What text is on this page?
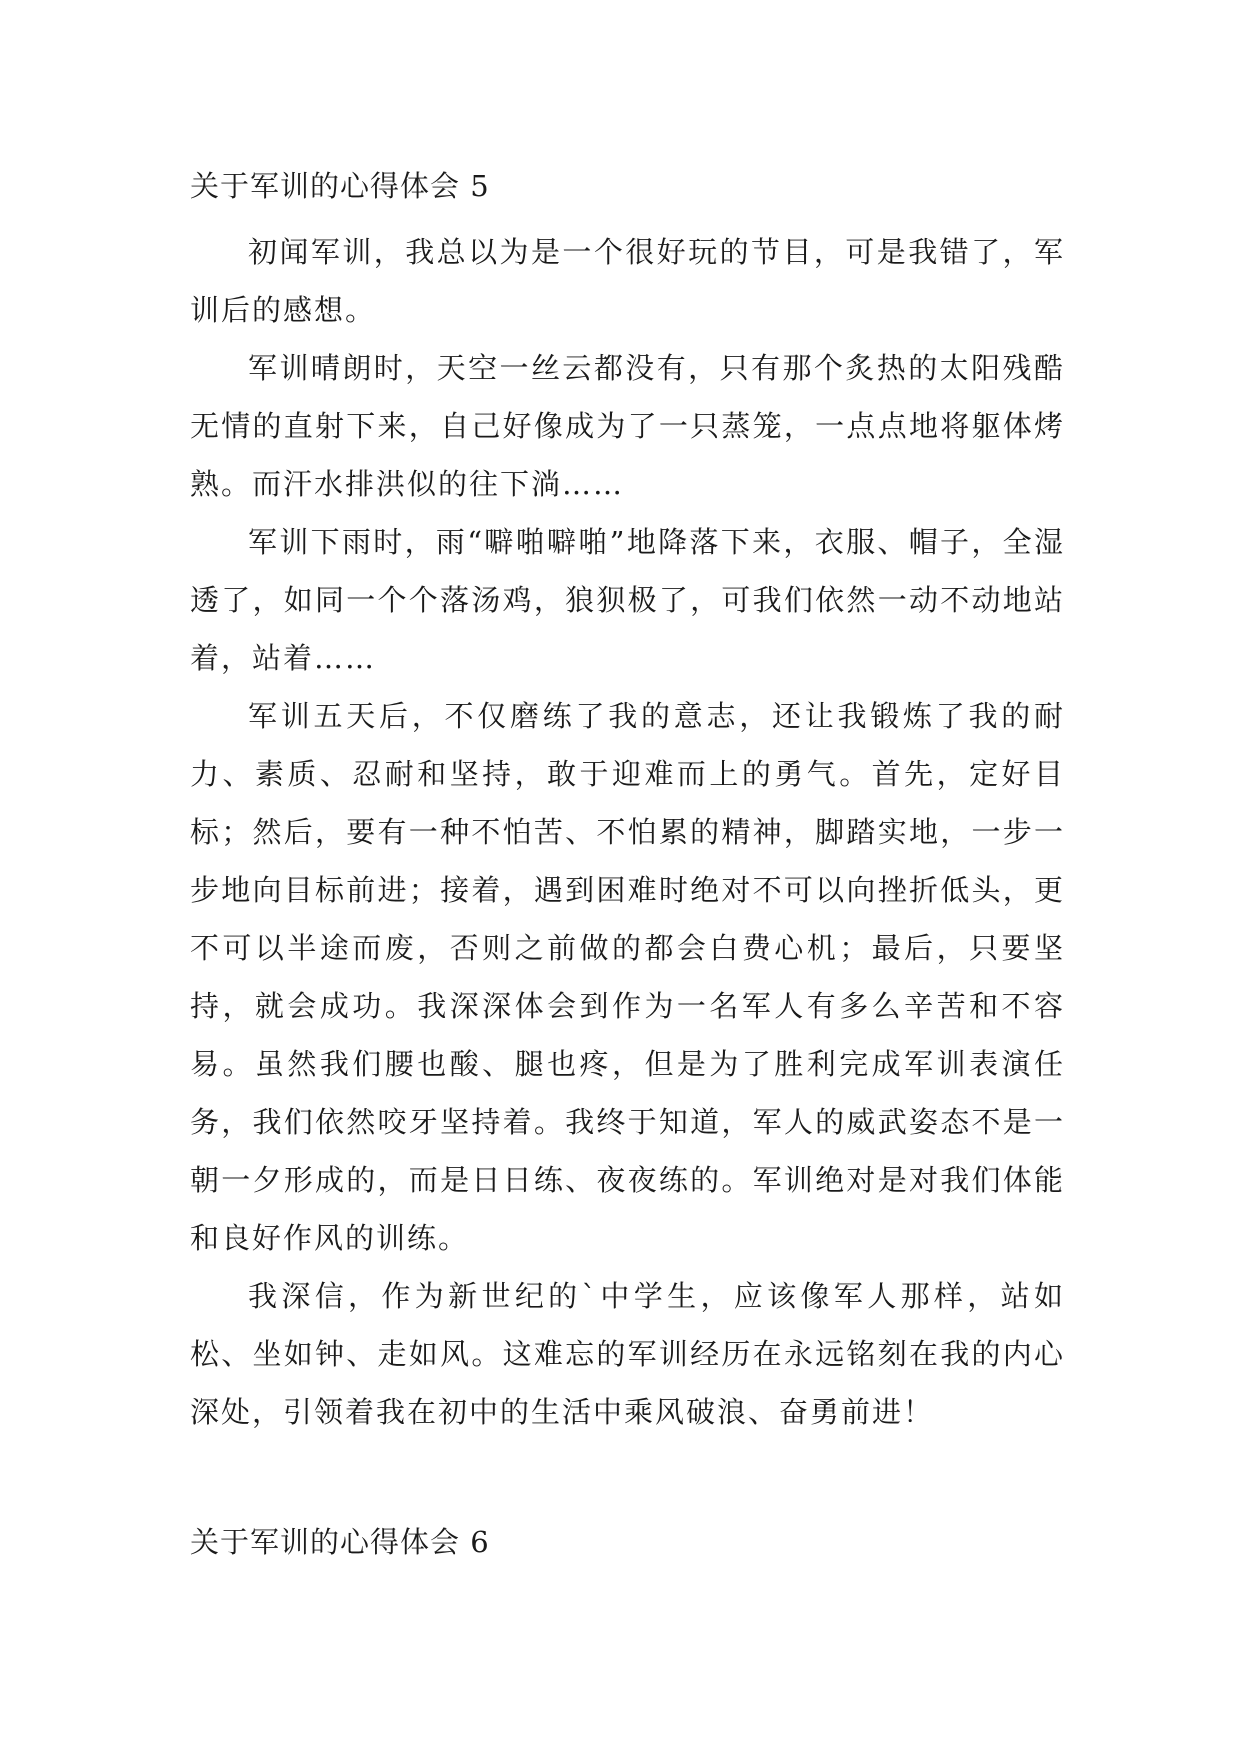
关于军训的心得体会 5

初闻军训，我总以为是一个很好玩的节目，可是我错了，军训后的感想。

军训晴朗时，天空一丝云都没有，只有那个炙热的太阳残酷无情的直射下来，自己好像成为了一只蒸笼，一点点地将躯体烤熟。而汗水排洪似的往下淌……

军训下雨时，雨“噼啪噼啪”地降落下来，衣服、帽子，全湿透了，如同一个个落汤鸡，狼狈极了，可我们依然一动不动地站着，站着……

军训五天后，不仅磨练了我的意志，还让我锻炼了我的耐力、素质、忍耐和坚持，敢于迎难而上的勇气。首先，定好目标；然后，要有一种不怕苦、不怕累的精神，脚踏实地，一步一步地向目标前进；接着，遇到困难时绝对不可以向挫折低头，更不可以半途而废，否则之前做的都会白费心机；最后，只要坚持，就会成功。我深深体会到作为一名军人有多么辛苦和不容易。虽然我们腰也酸、腿也疼，但是为了胜利完成军训表演任务，我们依然咬牙坚持着。我终于知道，军人的威武姿态不是一朝一夕形成的，而是日日练、夜夜练的。军训绝对是对我们体能和良好作风的训练。

我深信，作为新世纪的`中学生，应该像军人那样，站如松、坐如钟、走如风。这难忘的军训经历在永远铭刻在我的内心深处，引领着我在初中的生活中乘风破浪、奋勇前进！

关于军训的心得体会 6
